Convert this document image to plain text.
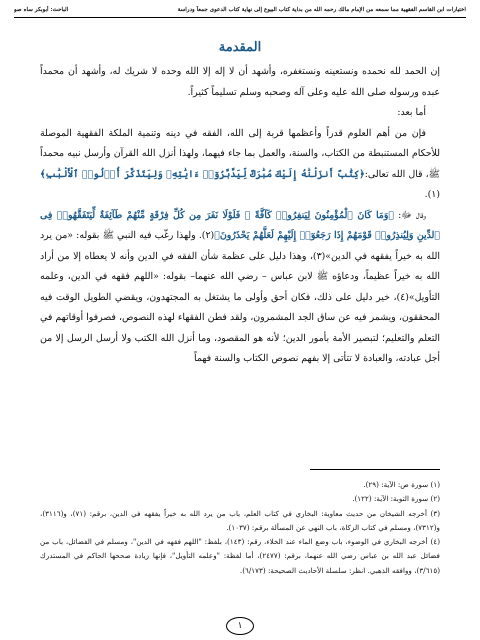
اختيارات ابن القاسم الفقهية مما سمعه من الإمام مالك رحمه الله من بداية كتاب البيوع إلى نهاية كتاب الدعوى جمعاً ودراسة
الباحث: أبوبكر ساه صو
المقدمة

إن الحمد لله نحمده ونستعينه ونستغفره، وأشهد أن لا إله إلا الله وحده لا شريك له، وأشهد أن محمداً عبده ورسوله صلى الله عليه وعلى آله وصحبه وسلم تسليماً كثيراً.

أما بعد:

فإن من أهم العلوم قدراً وأعظمها قربة إلى الله، الفقه في دينه وتنمية الملكة الفقهية الموصلة للأحكام المستنبطة من الكتاب، والسنة، والعمل بما جاء فيهما، ولهذا أنزل الله القرآن وأرسل نبيه محمداً ﷺ، قال الله تعالى:﴿كِتَٰبٌ أَنزَلْنَٰهُ إِلَيْكَ مُبَٰرَكٌ لِّيَدَّبَّرُوٓا۟ ءَايَٰتِهِۦ وَلِيَتَذَكَّرَ أُو۟لُوا۟ ٱلْأَلْبَٰبِ﴾(١).

وقال ﷻ: ﴿وَمَا كَانَ ٱلْمُؤْمِنُونَ لِيَنفِرُوا۟ كَآفَّةً ۚ فَلَوْلَا نَفَرَ مِن كُلِّ فِرْقَةٍ مِّنْهُمْ طَآئِفَةٌ لِّيَتَفَقَّهُوا۟ فِى ٱلدِّينِ وَلِيُنذِرُوا۟ قَوْمَهُمْ إِذَا رَجَعُوٓا۟ إِلَيْهِمْ لَعَلَّهُمْ يَحْذَرُونَ﴾(٢). ولهذا رغّب فيه النبي ﷺ بقوله: «من يرد الله به خيراً يفقهه في الدين»(٣)، وهذا دليل على عظمة شأن الفقه في الدين وأنه لا يعطاه إلا من أراد الله به خيراً عظيماً، ودعاؤه ﷺ لابن عباس – رضي الله عنهما– بقوله: «اللهم فقهه في الدين، وعلمه التأويل»(٤)، خير دليل على ذلك، فكان أحق وأولى ما يشتغل به المجتهدون، ويقضي الطويل الوقت فيه المحققون، ويشمر فيه عن ساق الجد المشمرون، ولقد فطن الفقهاء لهذه النصوص، فصرفوا أوقاتهم في التعلم والتعليم؛ لتبصير الأمة بأمور الدين؛ لأنه هو المقصود، وما أنزل الله الكتب ولا أرسل الرسل إلا من أجل عبادته، والعبادة لا تتأتى إلا بفهم نصوص الكتاب والسنة فهماً

(١) سورة ص: الآية: (٢٩).

(٢) سورة التوبة: الآية: (١٢٢).

(٣) أخرجه الشيخان من حديث معاوية: البخاري في كتاب العلم، باب من يرد الله به خيراً يفقهه في الدين، برقم: (٧١)، و(٣١١٦)، و(٧٣١٢)، ومسلم في كتاب الزكاة، باب النهي عن المسألة برقم: (١٠٣٧).

(٤) أخرجه البخاري في الوضوء، باب وضع الماء عند الخلاء، رقم: (١٤٣)، بلفظ: "اللهم فقهه في الدين"، ومسلم في الفضائل، باب من فضائل عبد الله بن عباس رضي الله عنهما، برقم: (٢٤٧٧)، أما لفظة: "وعلمه التأويل"، فإنها زيادة صححها الحاكم في المستدرك (٣/٦١٥)، ووافقه الذهبي. انظر: سلسلة الأحاديث الصحيحة: (٦/١٧٣).

١
